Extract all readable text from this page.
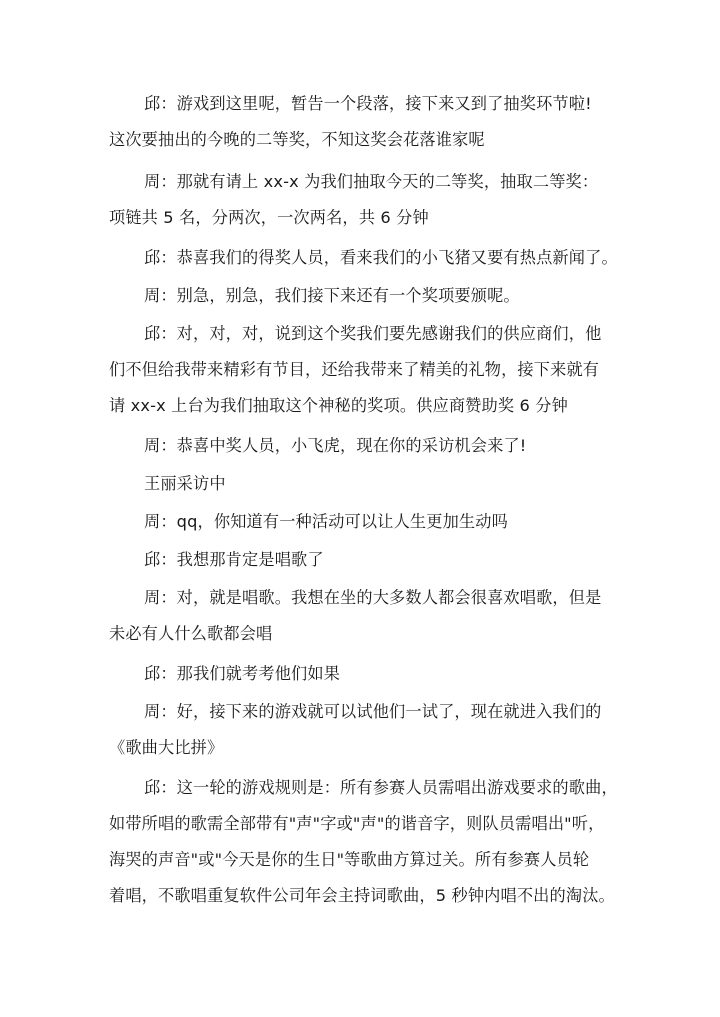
邱：游戏到这里呢，暂告一个段落，接下来又到了抽奖环节啦!
这次要抽出的今晚的二等奖，不知这奖会花落谁家呢
周：那就有请上 xx-x 为我们抽取今天的二等奖，抽取二等奖：
项链共 5 名，分两次，一次两名，共 6 分钟
邱：恭喜我们的得奖人员，看来我们的小飞猪又要有热点新闻了。
周：别急，别急，我们接下来还有一个奖项要颁呢。
邱：对，对，对，说到这个奖我们要先感谢我们的供应商们，他
们不但给我带来精彩有节目，还给我带来了精美的礼物，接下来就有
请 xx-x 上台为我们抽取这个神秘的奖项。供应商赞助奖 6 分钟
周：恭喜中奖人员，小飞虎，现在你的采访机会来了!
王丽采访中
周：qq，你知道有一种活动可以让人生更加生动吗
邱：我想那肯定是唱歌了
周：对，就是唱歌。我想在坐的大多数人都会很喜欢唱歌，但是
未必有人什么歌都会唱
邱：那我们就考考他们如果
周：好，接下来的游戏就可以试他们一试了，现在就进入我们的
《歌曲大比拼》
邱：这一轮的游戏规则是：所有参赛人员需唱出游戏要求的歌曲，
如带所唱的歌需全部带有"声"字或"声"的谐音字，则队员需唱出"听，
海哭的声音"或"今天是你的生日"等歌曲方算过关。所有参赛人员轮
着唱，不歌唱重复软件公司年会主持词歌曲，5 秒钟内唱不出的淘汰。
